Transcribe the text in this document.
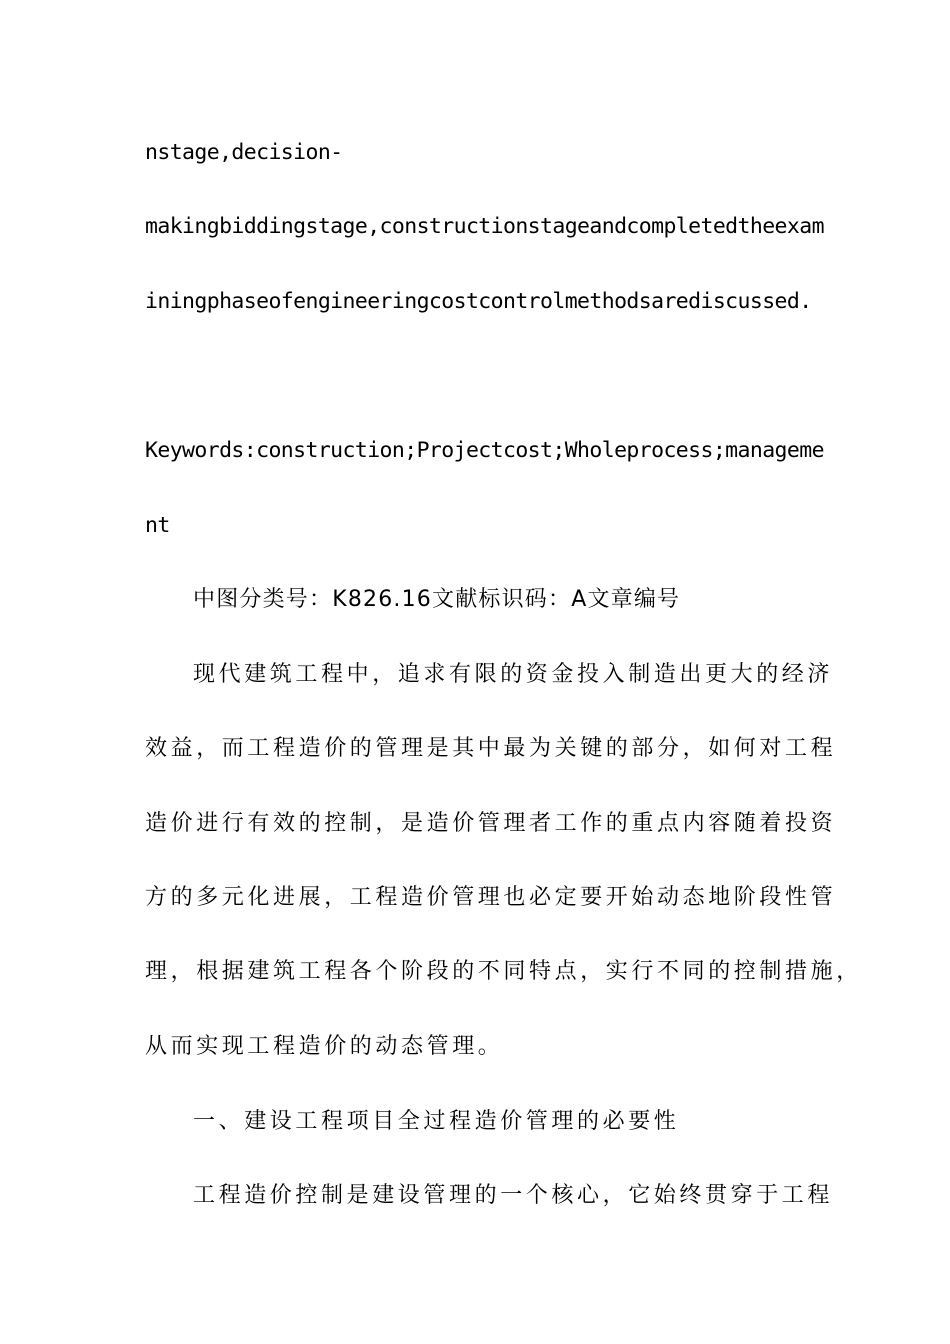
nstage,decision-

makingbiddingstage,constructionstageandcompletedtheexam

iningphaseofengineeringcostcontrolmethodsarediscussed.

Keywords:construction;Projectcost;Wholeprocess;manageme

nt

中图分类号：K826.16文献标识码：A文章编号

现代建筑工程中，追求有限的资金投入制造出更大的经济

效益，而工程造价的管理是其中最为关键的部分，如何对工程

造价进行有效的控制，是造价管理者工作的重点内容随着投资

方的多元化进展，工程造价管理也必定要开始动态地阶段性管

理，根据建筑工程各个阶段的不同特点，实行不同的控制措施，

从而实现工程造价的动态管理。

一、建设工程项目全过程造价管理的必要性

工程造价控制是建设管理的一个核心，它始终贯穿于工程
